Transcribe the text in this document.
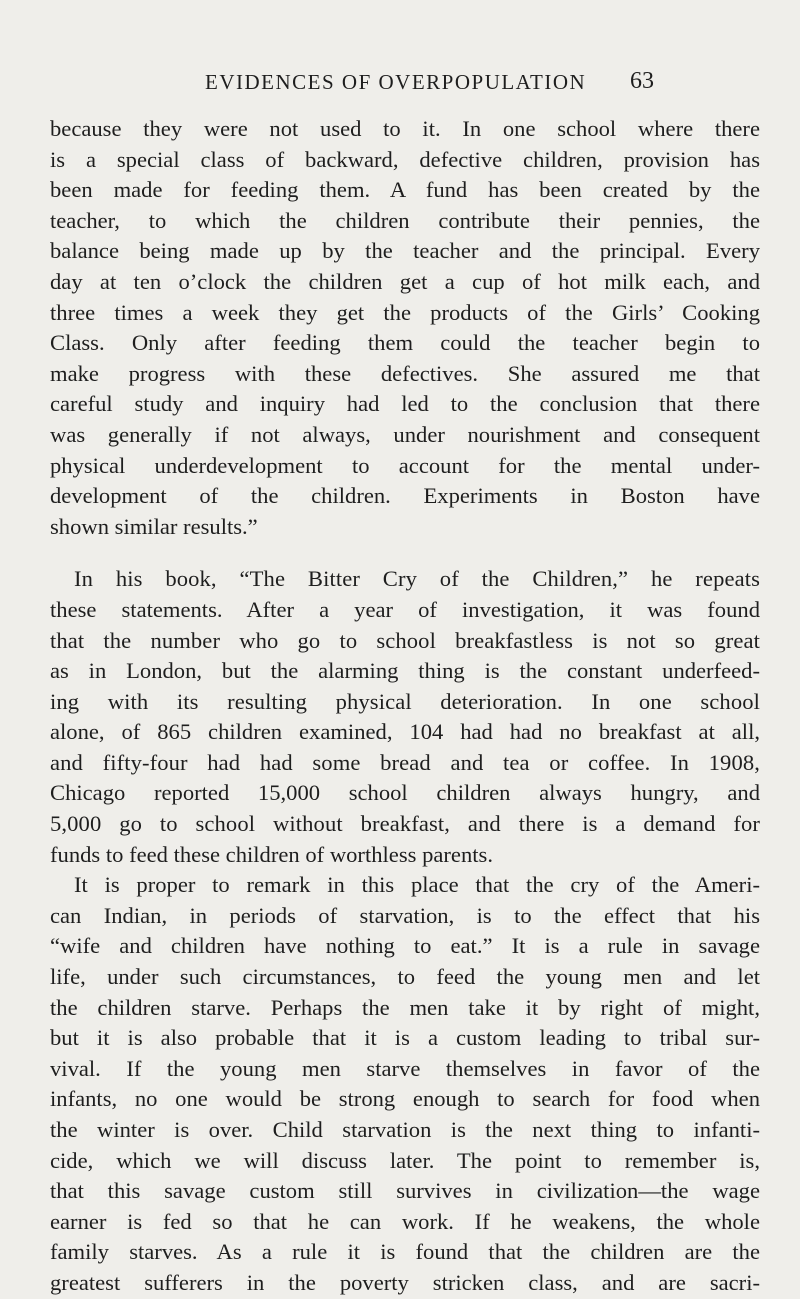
EVIDENCES OF OVERPOPULATION 63
because they were not used to it. In one school where there
is a special class of backward, defective children, provision has
been made for feeding them. A fund has been created by the
teacher, to which the children contribute their pennies, the
balance being made up by the teacher and the principal. Every
day at ten o’clock the children get a cup of hot milk each, and
three times a week they get the products of the Girls’ Cooking
Class. Only after feeding them could the teacher begin to
make progress with these defectives. She assured me that
careful study and inquiry had led to the conclusion that there
was generally if not always, under nourishment and consequent
physical underdevelopment to account for the mental under-
development of the children. Experiments in Boston have
shown similar results.”
In his book, “The Bitter Cry of the Children,” he repeats
these statements. After a year of investigation, it was found
that the number who go to school breakfastless is not so great
as in London, but the alarming thing is the constant underfeed-
ing with its resulting physical deterioration. In one school
alone, of 865 children examined, 104 had had no breakfast at all,
and fifty-four had had some bread and tea or coffee. In 1908,
Chicago reported 15,000 school children always hungry, and
5,000 go to school without breakfast, and there is a demand for
funds to feed these children of worthless parents.
It is proper to remark in this place that the cry of the Ameri-
can Indian, in periods of starvation, is to the effect that his
“wife and children have nothing to eat.” It is a rule in savage
life, under such circumstances, to feed the young men and let
the children starve. Perhaps the men take it by right of might,
but it is also probable that it is a custom leading to tribal sur-
vival. If the young men starve themselves in favor of the
infants, no one would be strong enough to search for food when
the winter is over. Child starvation is the next thing to infanti-
cide, which we will discuss later. The point to remember is,
that this savage custom still survives in civilization—the wage
earner is fed so that he can work. If he weakens, the whole
family starves. As a rule it is found that the children are the
greatest sufferers in the poverty stricken class, and are sacri-
